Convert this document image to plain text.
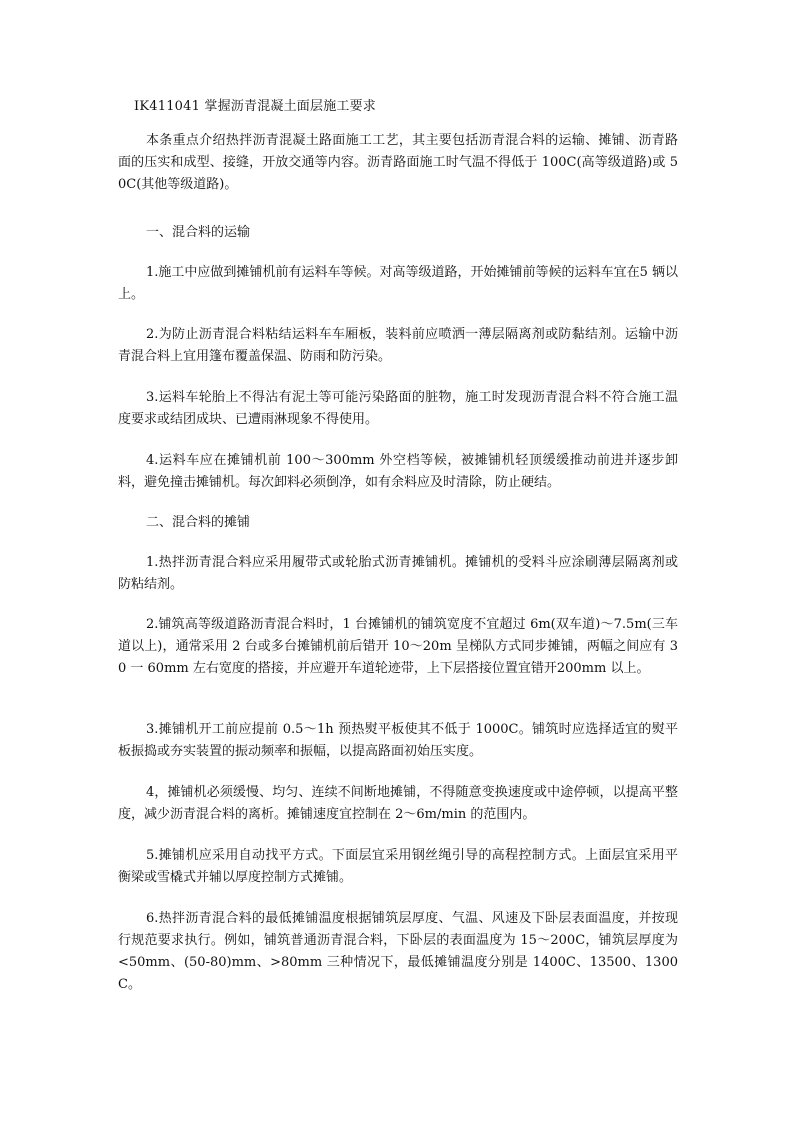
IK411041 掌握沥青混凝土面层施工要求

本条重点介绍热拌沥青混凝土路面施工工艺，其主要包括沥青混合料的运输、摊铺、沥青路面的压实和成型、接缝，开放交通等内容。沥青路面施工时气温不得低于 100C(高等级道路)或 50C(其他等级道路)。

一、混合料的运输

1.施工中应做到摊铺机前有运料车等候。对高等级道路，开始摊铺前等候的运料车宜在5 辆以上。

2.为防止沥青混合料粘结运料车车厢板，装料前应喷洒一薄层隔离剂或防黏结剂。运输中沥青混合料上宜用篷布覆盖保温、防雨和防污染。

3.运料车轮胎上不得沾有泥土等可能污染路面的脏物，施工时发现沥青混合料不符合施工温度要求或结团成块、已遭雨淋现象不得使用。

4.运料车应在摊铺机前 100～300mm 外空档等候，被摊铺机轻顶缓缓推动前进并逐步卸料，避免撞击摊铺机。每次卸料必须倒净，如有余料应及时清除，防止硬结。

二、混合料的摊铺

1.热拌沥青混合料应采用履带式或轮胎式沥青摊铺机。摊铺机的受料斗应涂刷薄层隔离剂或防粘结剂。

2.铺筑高等级道路沥青混合料时，1 台摊铺机的铺筑宽度不宜超过 6m(双车道)～7.5m(三车道以上)，通常采用 2 台或多台摊铺机前后错开 10～20m 呈梯队方式同步摊铺，两幅之间应有 30 一 60mm 左右宽度的搭接，并应避开车道轮迹带，上下层搭接位置宜错开200mm 以上。

3.摊铺机开工前应提前 0.5～1h 预热熨平板使其不低于 1000C。铺筑时应选择适宜的熨平板振捣或夯实装置的振动频率和振幅，以提高路面初始压实度。

4，摊铺机必须缓慢、均匀、连续不间断地摊铺，不得随意变换速度或中途停顿，以提高平整度，减少沥青混合料的离析。摊铺速度宜控制在 2～6m/min 的范围内。

5.摊铺机应采用自动找平方式。下面层宜采用钢丝绳引导的高程控制方式。上面层宜采用平衡梁或雪橇式并辅以厚度控制方式摊铺。

6.热拌沥青混合料的最低摊铺温度根据铺筑层厚度、气温、风速及下卧层表面温度，并按现行规范要求执行。例如，铺筑普通沥青混合料，下卧层的表面温度为 15～200C，铺筑层厚度为<50mm、(50-80)mm、>80mm 三种情况下，最低摊铺温度分别是 1400C、13500、1300C。
